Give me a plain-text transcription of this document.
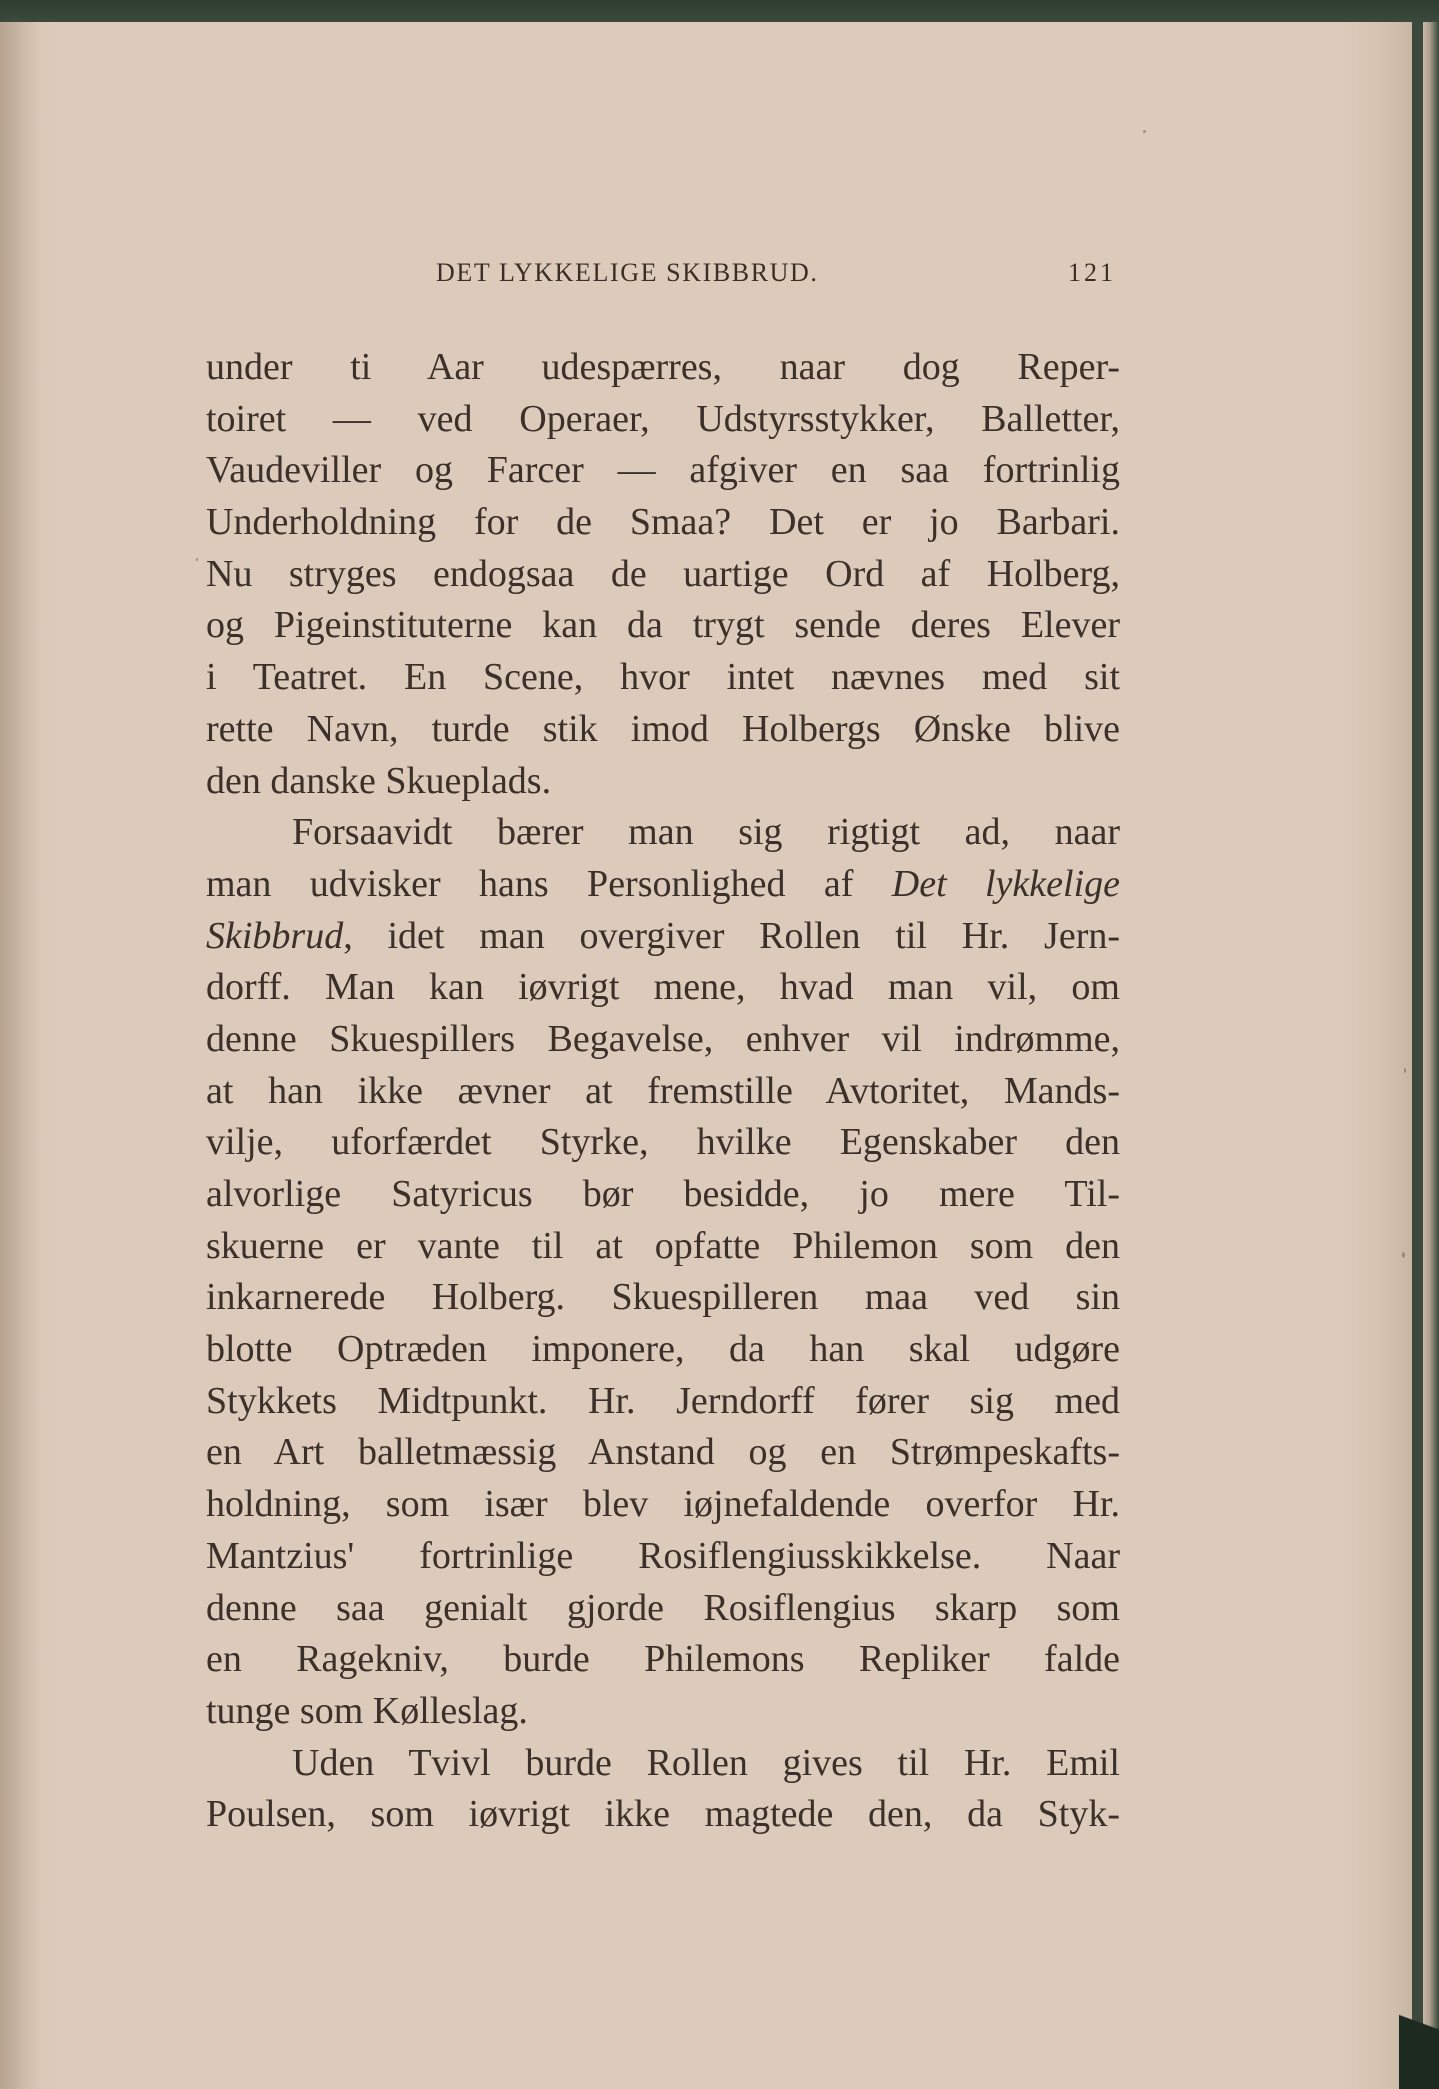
DET LYKKELIGE SKIBBRUD.	121
under ti Aar udespærres, naar dog Reper-
toiret — ved Operaer, Udstyrsstykker, Balletter,
Vaudeviller og Farcer — afgiver en saa fortrinlig
Underholdning for de Smaa? Det er jo Barbari.
Nu stryges endogsaa de uartige Ord af Holberg,
og Pigeinstituterne kan da trygt sende deres Elever
i Teatret. En Scene, hvor intet nævnes med sit
rette Navn, turde stik imod Holbergs Ønske blive
den danske Skueplads.
Forsaavidt bærer man sig rigtigt ad, naar
man udvisker hans Personlighed af Det lykkelige
Skibbrud, idet man overgiver Rollen til Hr. Jern-
dorff. Man kan iøvrigt mene, hvad man vil, om
denne Skuespillers Begavelse, enhver vil indrømme,
at han ikke ævner at fremstille Avtoritet, Mands-
vilje, uforfærdet Styrke, hvilke Egenskaber den
alvorlige Satyricus bør besidde, jo mere Til-
skuerne er vante til at opfatte Philemon som den
inkarnerede Holberg. Skuespilleren maa ved sin
blotte Optræden imponere, da han skal udgøre
Stykkets Midtpunkt. Hr. Jerndorff fører sig med
en Art balletmæssig Anstand og en Strømpeskafts-
holdning, som især blev iøjnefaldende overfor Hr.
Mantzius' fortrinlige Rosiflengiusskikkelse. Naar
denne saa genialt gjorde Rosiflengius skarp som
en Ragekniv, burde Philemons Repliker falde
tunge som Kølleslag.
Uden Tvivl burde Rollen gives til Hr. Emil
Poulsen, som iøvrigt ikke magtede den, da Styk-
